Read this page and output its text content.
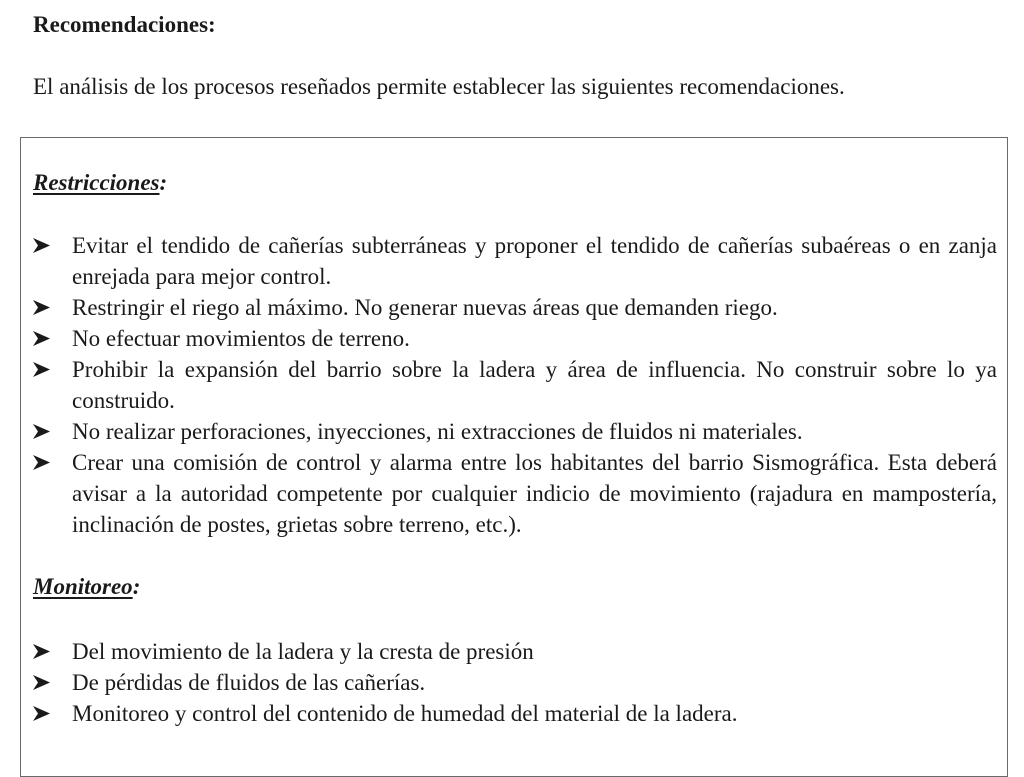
Recomendaciones:

El análisis de los procesos reseñados permite establecer las siguientes recomendaciones.

Restricciones:
Evitar el tendido de cañerías subterráneas y proponer el tendido de cañerías subaéreas o en zanja enrejada para mejor control.
Restringir el riego al máximo. No generar nuevas áreas que demanden riego.
No efectuar movimientos de terreno.
Prohibir la expansión del barrio sobre la ladera y área de influencia. No construir sobre lo ya construido.
No realizar perforaciones, inyecciones, ni extracciones de fluidos ni materiales.
Crear una comisión de control y alarma entre los habitantes del barrio Sismográfica. Esta deberá avisar a la autoridad competente por cualquier indicio de movimiento (rajadura en mampostería, inclinación de postes, grietas sobre terreno, etc.).
Monitoreo:
Del movimiento de la ladera y la cresta de presión
De pérdidas de fluidos de las cañerías.
Monitoreo y control del contenido de humedad del material de la ladera.
